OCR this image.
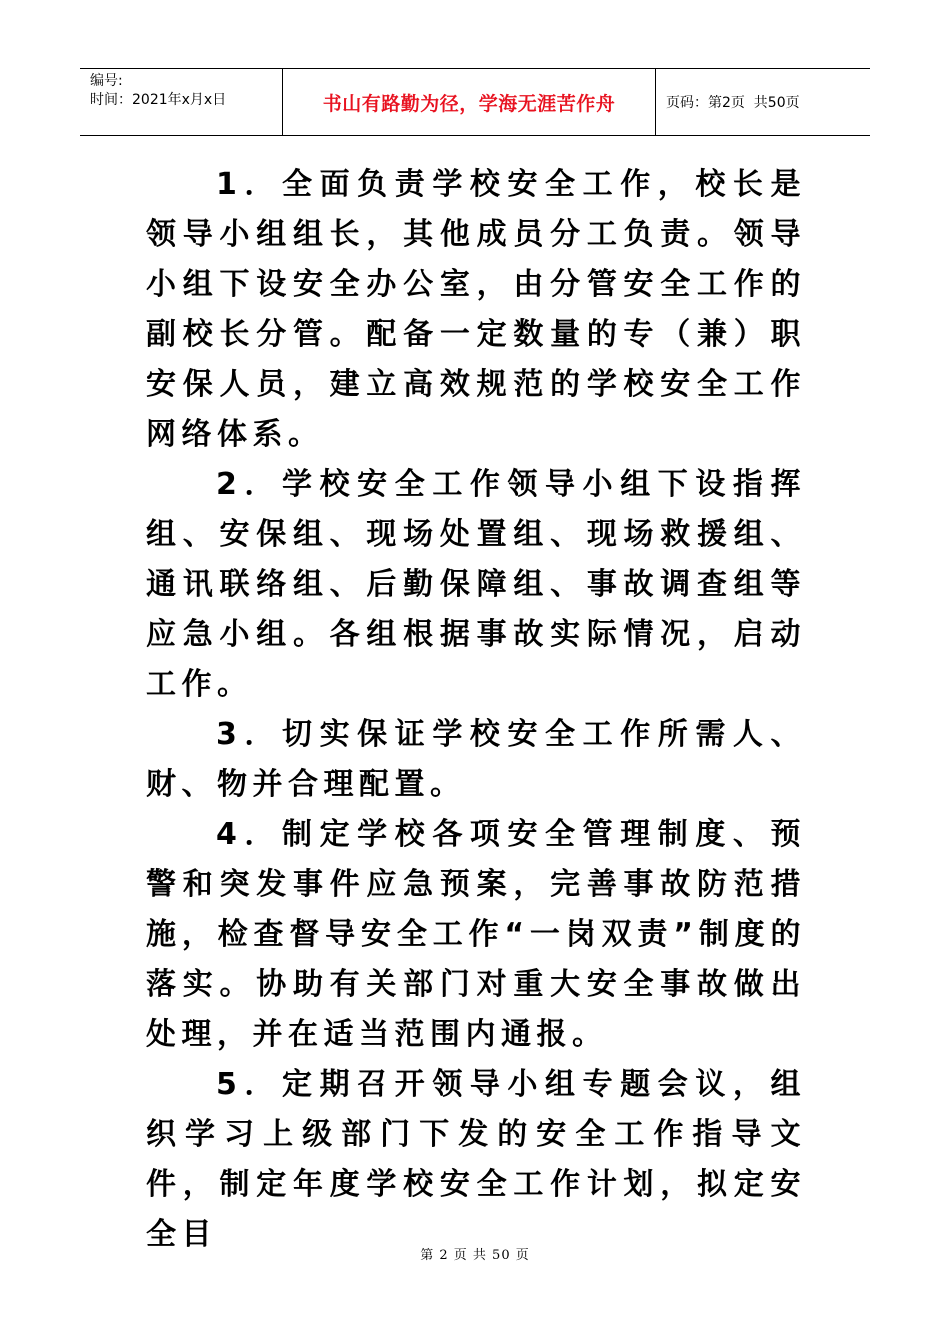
编号:
时间：2021年x月x日	书山有路勤为径，学海无涯苦作舟	页码：第2页  共50页

1．全面负责学校安全工作，校长是领导小组组长，其他成员分工负责。领导小组下设安全办公室，由分管安全工作的副校长分管。配备一定数量的专（兼）职安保人员，建立高效规范的学校安全工作网络体系。

2．学校安全工作领导小组下设指挥组、安保组、现场处置组、现场救援组、通讯联络组、后勤保障组、事故调查组等应急小组。各组根据事故实际情况，启动工作。

3．切实保证学校安全工作所需人、财、物并合理配置。

4．制定学校各项安全管理制度、预警和突发事件应急预案，完善事故防范措施，检查督导安全工作“一岗双责”制度的落实。协助有关部门对重大安全事故做出处理，并在适当范围内通报。

5．定期召开领导小组专题会议，组织学习上级部门下发的安全工作指导文件，制定年度学校安全工作计划，拟定安全目

第 2 页 共 50 页
